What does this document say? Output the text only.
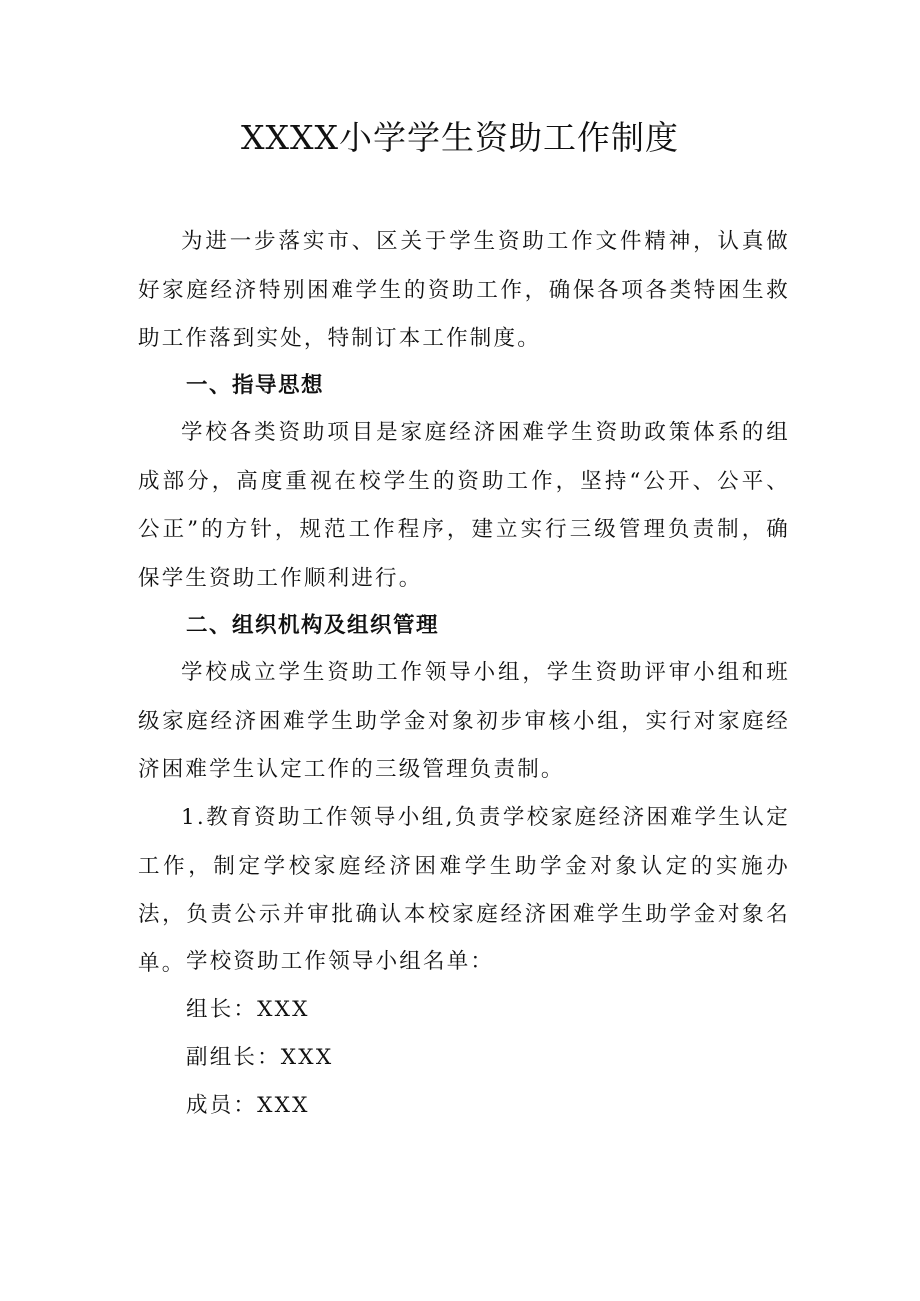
XXXX小学学生资助工作制度

为进一步落实市、区关于学生资助工作文件精神，认真做好家庭经济特别困难学生的资助工作，确保各项各类特困生救助工作落到实处，特制订本工作制度。

一、指导思想

学校各类资助项目是家庭经济困难学生资助政策体系的组成部分，高度重视在校学生的资助工作，坚持“公开、公平、公正”的方针，规范工作程序，建立实行三级管理负责制，确保学生资助工作顺利进行。

二、组织机构及组织管理

学校成立学生资助工作领导小组，学生资助评审小组和班级家庭经济困难学生助学金对象初步审核小组，实行对家庭经济困难学生认定工作的三级管理负责制。

1.教育资助工作领导小组,负责学校家庭经济困难学生认定工作，制定学校家庭经济困难学生助学金对象认定的实施办法，负责公示并审批确认本校家庭经济困难学生助学金对象名单。 学校资助工作领导小组名单：

组长：XXX

副组长：XXX

成员：XXX
